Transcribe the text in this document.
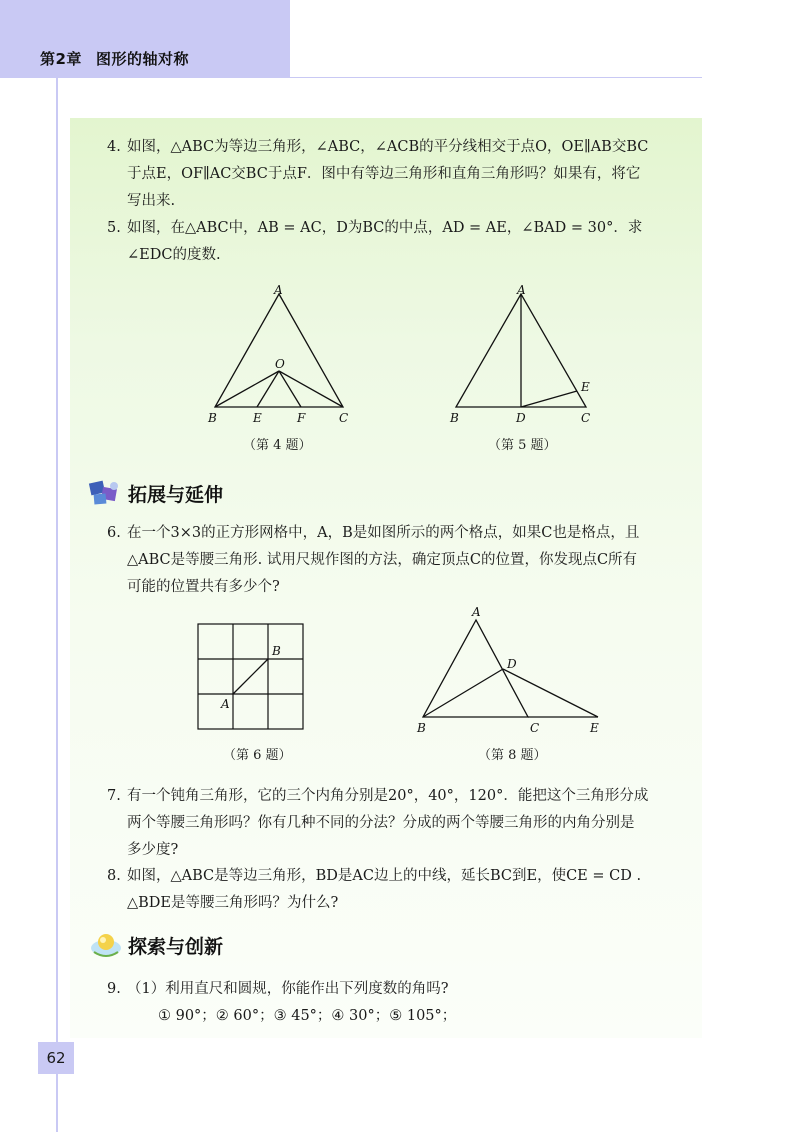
第2章 图形的轴对称
4. 如图，△ABC为等边三角形，∠ABC，∠ACB的平分线相交于点O，OE∥AB交BC
于点E，OF∥AC交BC于点F．图中有等边三角形和直角三角形吗？如果有，将它
写出来.
5. 如图，在△ABC中，AB = AC，D为BC的中点，AD = AE，∠BAD = 30°．求
∠EDC的度数.
A
O
B	E	F	C
（第 4 题）
A
E
B	D	C
（第 5 题）
拓展与延伸
6. 在一个3×3的正方形网格中，A，B是如图所示的两个格点，如果C也是格点，且
△ABC是等腰三角形. 试用尺规作图的方法，确定顶点C的位置，你发现点C所有
可能的位置共有多少个?
A
B
（第 6 题）
A
D
B	C	E
（第 8 题）
7. 有一个钝角三角形，它的三个内角分别是20°，40°，120°．能把这个三角形分成
两个等腰三角形吗？你有几种不同的分法？分成的两个等腰三角形的内角分别是
多少度?
8. 如图，△ABC是等边三角形，BD是AC边上的中线，延长BC到E，使CE = CD .
△BDE是等腰三角形吗？为什么?
探索与创新
9. （1）利用直尺和圆规，你能作出下列度数的角吗?
① 90°；② 60°；③ 45°；④ 30°；⑤ 105°；
62
